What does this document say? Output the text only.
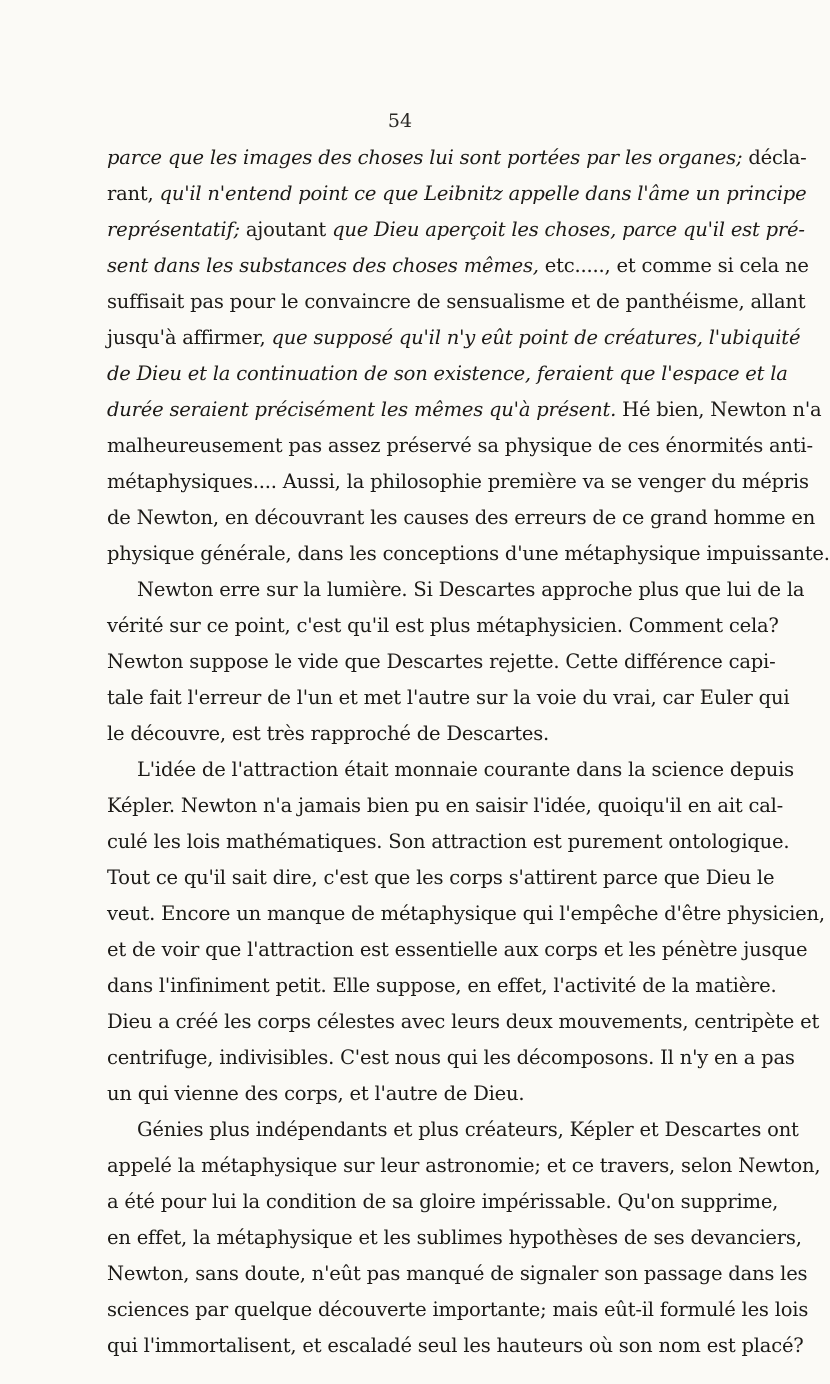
54
parce que les images des choses lui sont portées par les organes; décla-
rant, qu'il n'entend point ce que Leibnitz appelle dans l'âme un principe
représentatif; ajoutant que Dieu aperçoit les choses, parce qu'il est pré-
sent dans les substances des choses mêmes, etc....., et comme si cela ne
suffisait pas pour le convaincre de sensualisme et de panthéisme, allant
jusqu'à affirmer, que supposé qu'il n'y eût point de créatures, l'ubiquité
de Dieu et la continuation de son existence, feraient que l'espace et la
durée seraient précisément les mêmes qu'à présent. Hé bien, Newton n'a
malheureusement pas assez préservé sa physique de ces énormités anti-
métaphysiques.... Aussi, la philosophie première va se venger du mépris
de Newton, en découvrant les causes des erreurs de ce grand homme en
physique générale, dans les conceptions d'une métaphysique impuissante.
Newton erre sur la lumière. Si Descartes approche plus que lui de la
vérité sur ce point, c'est qu'il est plus métaphysicien. Comment cela?
Newton suppose le vide que Descartes rejette. Cette différence capi-
tale fait l'erreur de l'un et met l'autre sur la voie du vrai, car Euler qui
le découvre, est très rapproché de Descartes.
L'idée de l'attraction était monnaie courante dans la science depuis
Képler. Newton n'a jamais bien pu en saisir l'idée, quoiqu'il en ait cal-
culé les lois mathématiques. Son attraction est purement ontologique.
Tout ce qu'il sait dire, c'est que les corps s'attirent parce que Dieu le
veut. Encore un manque de métaphysique qui l'empêche d'être physicien,
et de voir que l'attraction est essentielle aux corps et les pénètre jusque
dans l'infiniment petit. Elle suppose, en effet, l'activité de la matière.
Dieu a créé les corps célestes avec leurs deux mouvements, centripète et
centrifuge, indivisibles. C'est nous qui les décomposons. Il n'y en a pas
un qui vienne des corps, et l'autre de Dieu.
Génies plus indépendants et plus créateurs, Képler et Descartes ont
appelé la métaphysique sur leur astronomie; et ce travers, selon Newton,
a été pour lui la condition de sa gloire impérissable. Qu'on supprime,
en effet, la métaphysique et les sublimes hypothèses de ses devanciers,
Newton, sans doute, n'eût pas manqué de signaler son passage dans les
sciences par quelque découverte importante; mais eût-il formulé les lois
qui l'immortalisent, et escaladé seul les hauteurs où son nom est placé?
